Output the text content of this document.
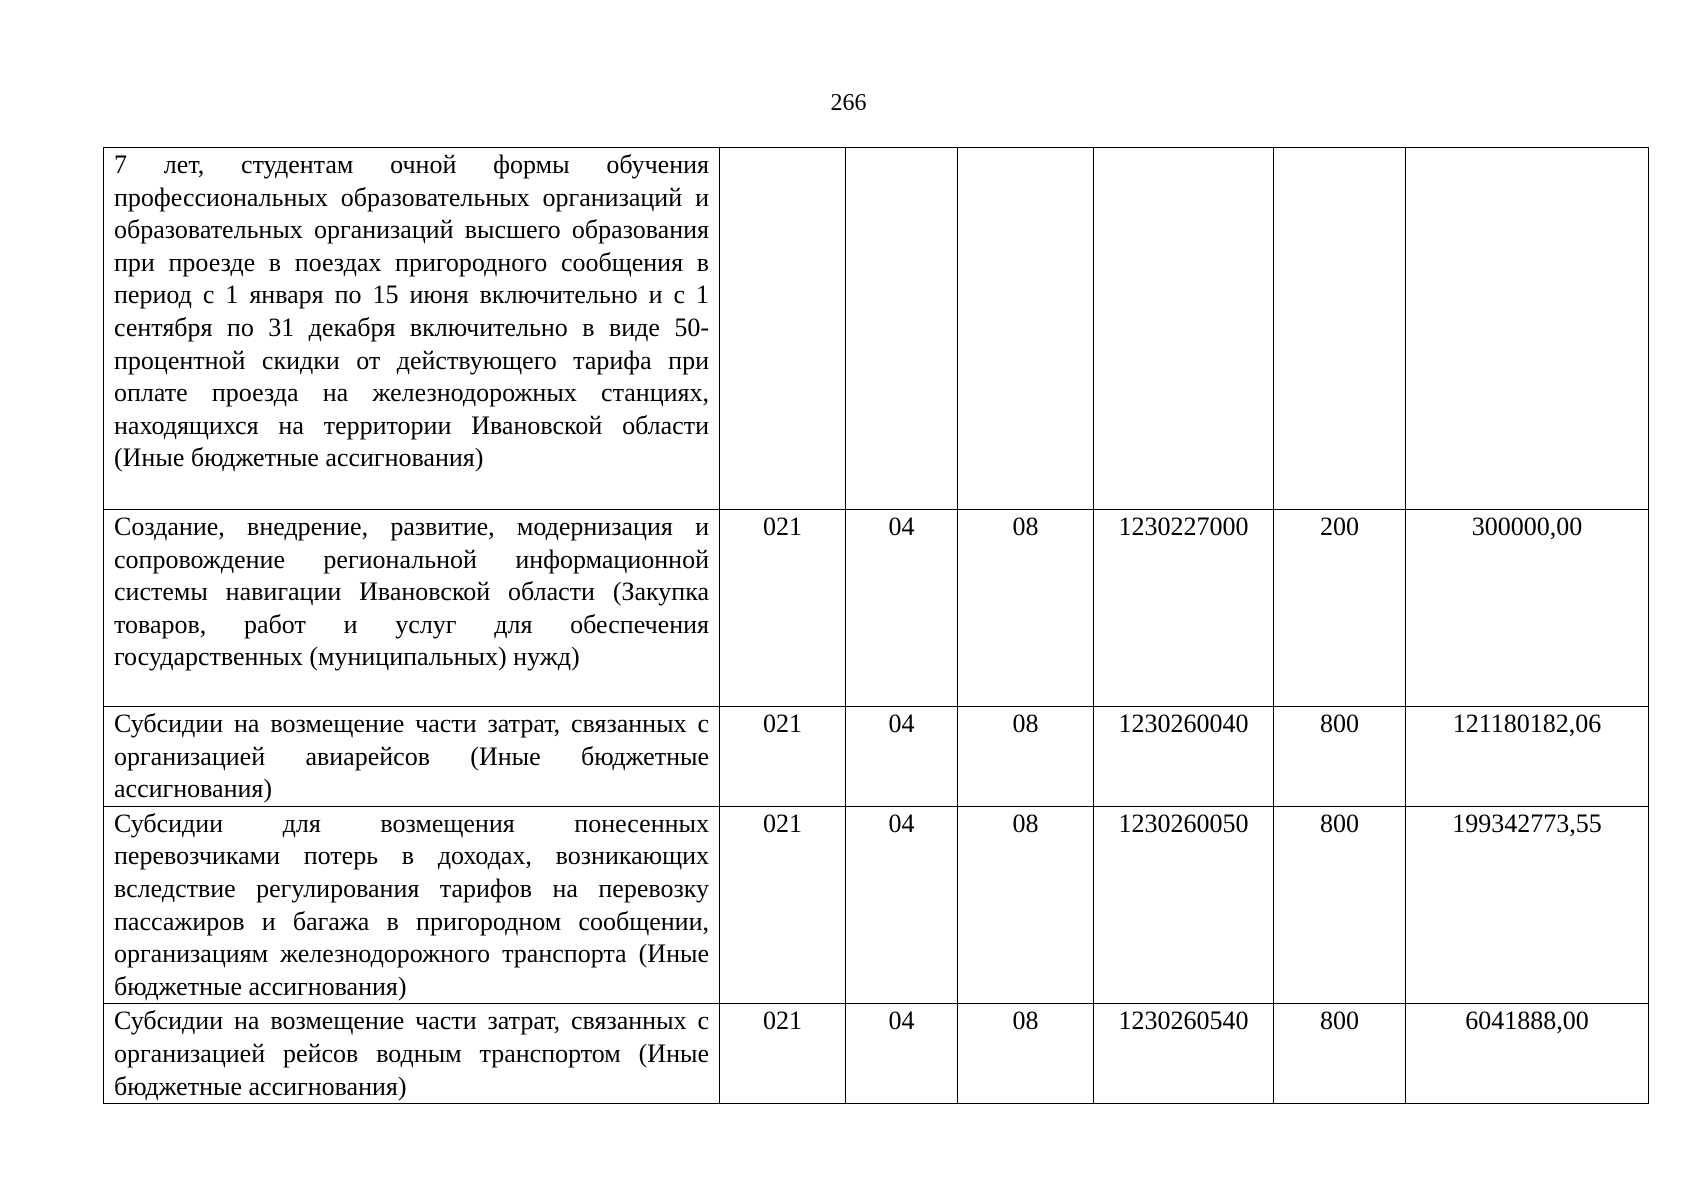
266
7 лет, студентам очной формы обучения профессиональных образовательных организаций и образовательных организаций высшего образования при проезде в поездах пригородного сообщения в период с 1 января по 15 июня включительно и с 1 сентября по 31 декабря включительно в виде 50-процентной скидки от действующего тарифа при оплате проезда на железнодорожных станциях, находящихся на территории Ивановской области (Иные бюджетные ассигнования)						
Создание, внедрение, развитие, модернизация и сопровождение региональной информационной системы навигации Ивановской области (Закупка товаров, работ и услуг для обеспечения государственных (муниципальных) нужд)	021	04	08	1230227000	200	300000,00
Субсидии на возмещение части затрат, связанных с организацией авиарейсов (Иные бюджетные ассигнования)	021	04	08	1230260040	800	121180182,06
Субсидии для возмещения понесенных перевозчиками потерь в доходах, возникающих вследствие регулирования тарифов на перевозку пассажиров и багажа в пригородном сообщении, организациям железнодорожного транспорта (Иные бюджетные ассигнования)	021	04	08	1230260050	800	199342773,55
Субсидии на возмещение части затрат, связанных с организацией рейсов водным транспортом (Иные бюджетные ассигнования)	021	04	08	1230260540	800	6041888,00
